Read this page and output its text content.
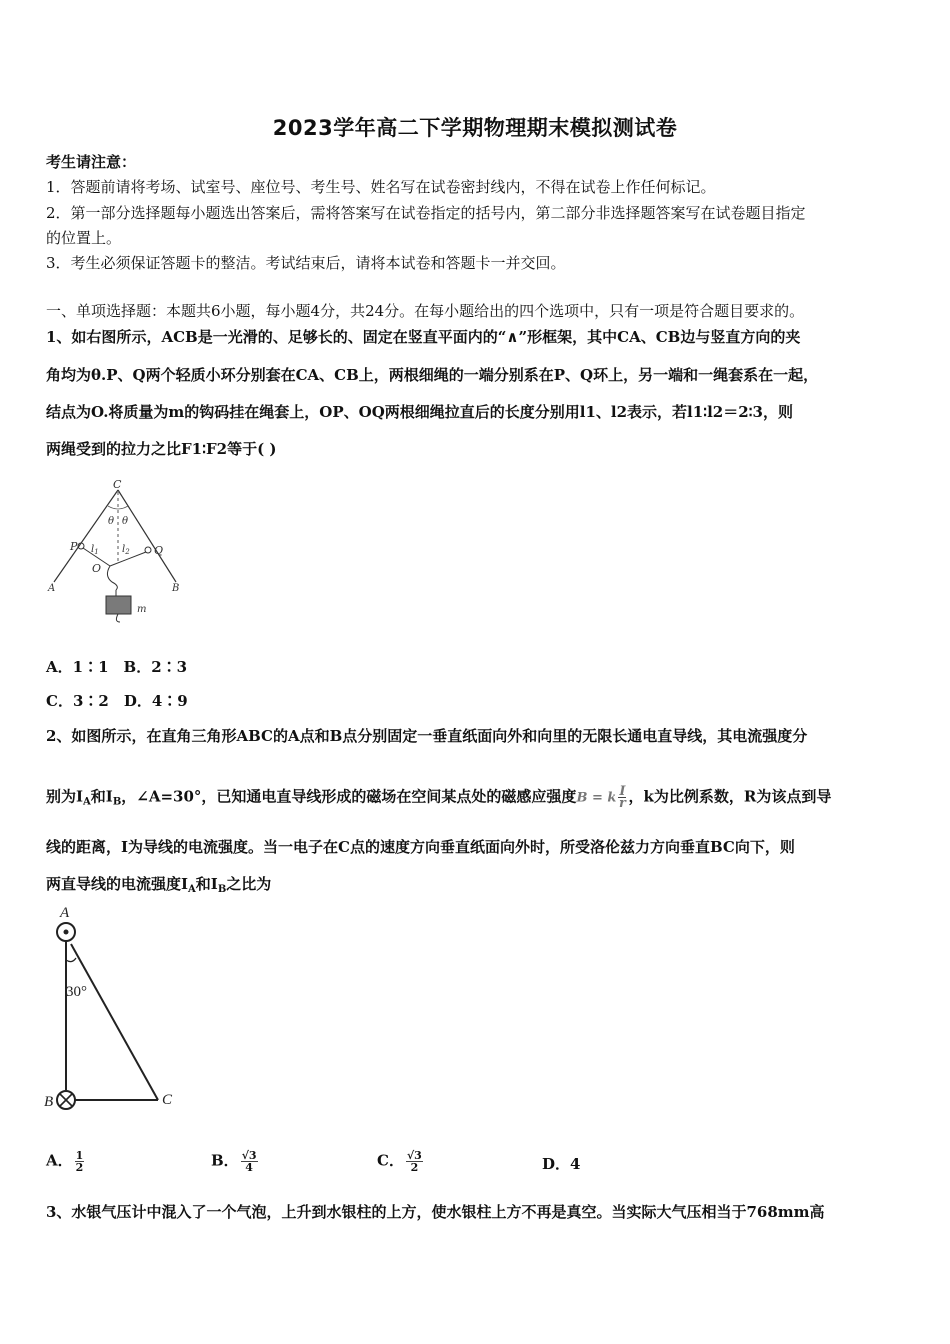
2023学年高二下学期物理期末模拟测试卷
考生请注意：
1．答题前请将考场、试室号、座位号、考生号、姓名写在试卷密封线内，不得在试卷上作任何标记。
2．第一部分选择题每小题选出答案后，需将答案写在试卷指定的括号内，第二部分非选择题答案写在试卷题目指定
的位置上。
3．考生必须保证答题卡的整洁。考试结束后，请将本试卷和答题卡一并交回。
一、单项选择题：本题共6小题，每小题4分，共24分。在每小题给出的四个选项中，只有一项是符合题目要求的。
1、如右图所示，ACB是一光滑的、足够长的、固定在竖直平面内的“∧”形框架，其中CA、CB边与竖直方向的夹
角均为θ.P、Q两个轻质小环分别套在CA、CB上，两根细绳的一端分别系在P、Q环上，另一端和一绳套系在一起，
结点为O.将质量为m的钩码挂在绳套上，OP、OQ两根细绳拉直后的长度分别用l1、l2表示，若l1∶l2＝2∶3，则
两绳受到的拉力之比F1∶F2等于( )
C
θ θ
P	Q
$l_1$ $l_2$
O
A	B
m
A．1∶1　B．2∶3
C．3∶2　D．4∶9
2、如图所示，在直角三角形ABC的A点和B点分别固定一垂直纸面向外和向里的无限长通电直导线，其电流强度分
别为$I_A$和$I_B$，∠A=30°，已知通电直导线形成的磁场在空间某点处的磁感应强度B = k $\frac{I}{r}$ ，k为比例系数，R为该点到导
线的距离，I为导线的电流强度。当一电子在C点的速度方向垂直纸面向外时，所受洛伦兹力方向垂直BC向下，则
两直导线的电流强度$I_A$和$I_B$之比为
A
B	C
30°
A． $\frac{1}{2}$	B． $\frac{√3}{4}$	C． $\frac{√3}{2}$	D．4
3、水银气压计中混入了一个气泡，上升到水银柱的上方，使水银柱上方不再是真空。当实际大气压相当于768mm高
